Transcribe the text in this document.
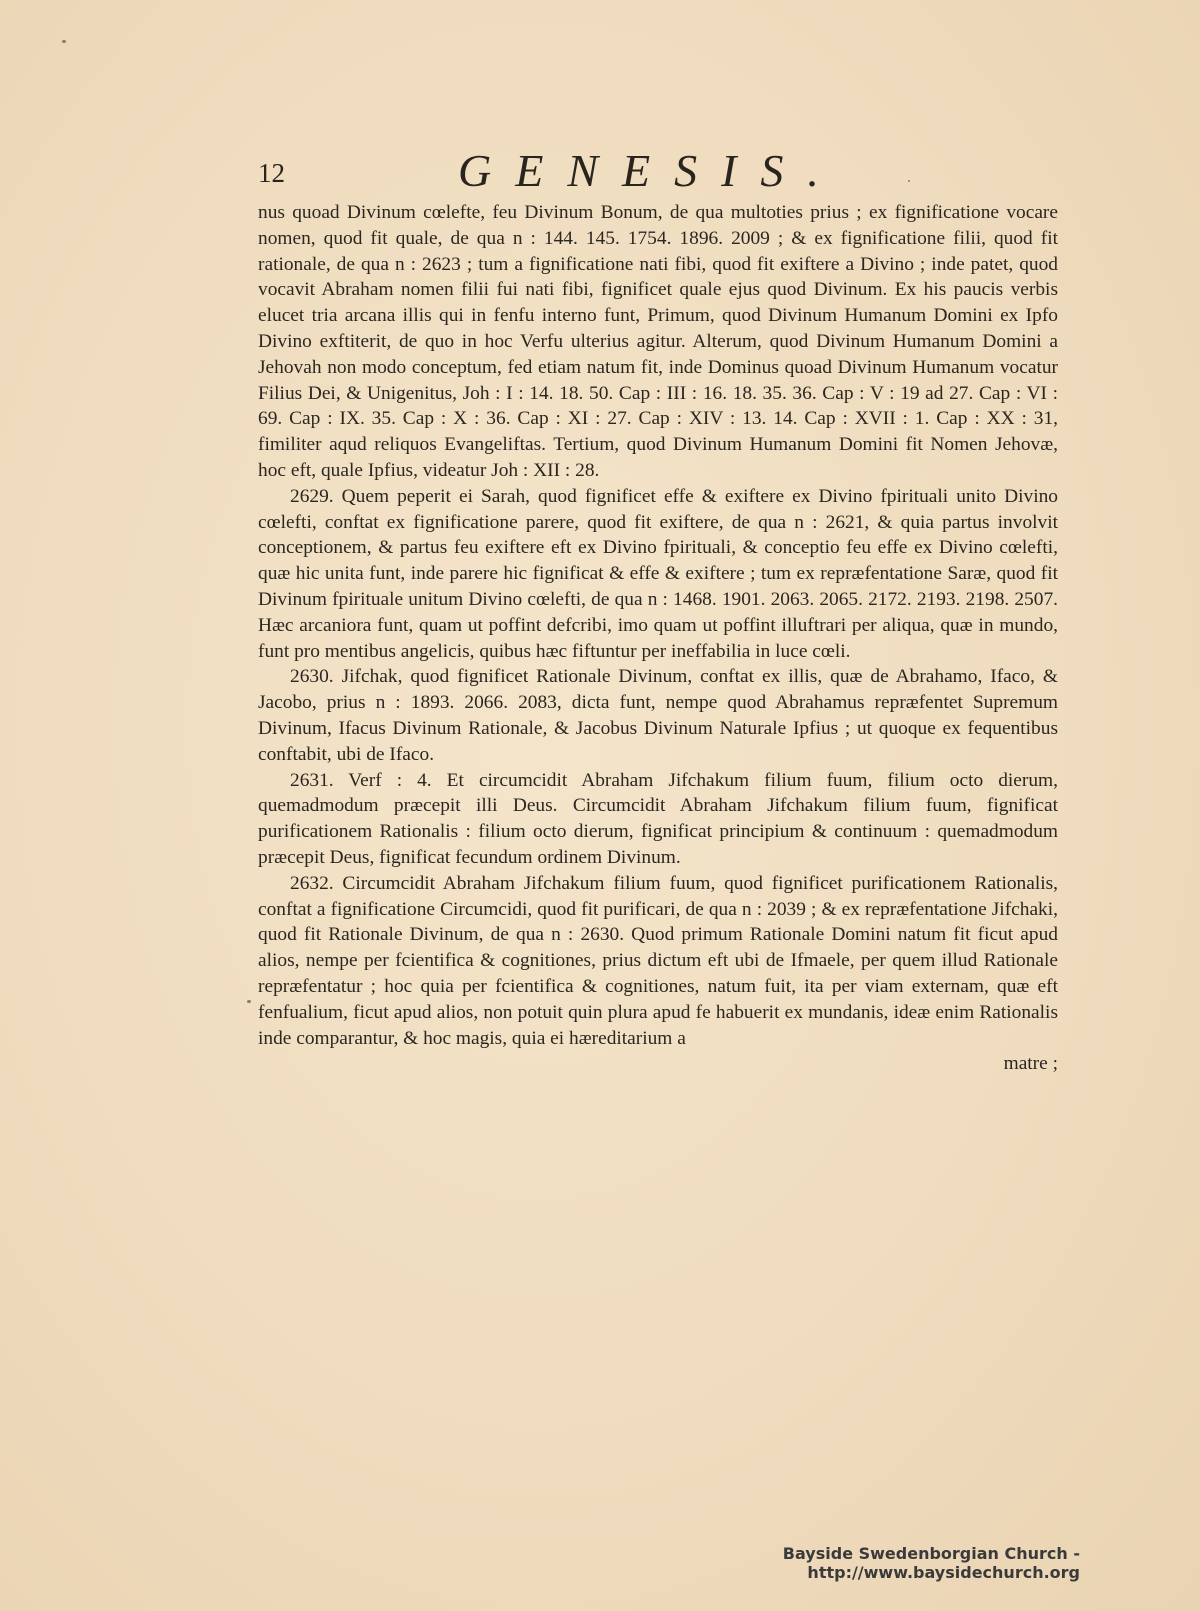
12	GENESIS.

nus quoad Divinum cœlefte, feu Divinum Bonum, de qua multoties prius ; ex fignificatione vocare nomen, quod fit quale, de qua n : 144. 145. 1754. 1896. 2009 ; & ex fignificatione filii, quod fit rationale, de qua n : 2623 ; tum a fignificatione nati fibi, quod fit exiftere a Divino ; inde patet, quod vocavit Abraham nomen filii fui nati fibi, fignificet quale ejus quod Divinum. Ex his paucis verbis elucet tria arcana illis qui in fenfu interno funt, Primum, quod Divinum Humanum Domini ex Ipfo Divino exftiterit, de quo in hoc Verfu ulterius agitur. Alterum, quod Divinum Humanum Domini a Jehovah non modo conceptum, fed etiam natum fit, inde Dominus quoad Divinum Humanum vocatur Filius Dei, & Unigenitus, Joh : I : 14. 18. 50. Cap : III : 16. 18. 35. 36. Cap : V : 19 ad 27. Cap : VI : 69. Cap : IX. 35. Cap : X : 36. Cap : XI : 27. Cap : XIV : 13. 14. Cap : XVII : 1. Cap : XX : 31, fimiliter aqud reliquos Evangeliftas. Tertium, quod Divinum Humanum Domini fit Nomen Jehovæ, hoc eft, quale Ipfius, videatur Joh : XII : 28.

2629. Quem peperit ei Sarah, quod fignificet effe & exiftere ex Divino fpirituali unito Divino cœlefti, conftat ex fignificatione parere, quod fit exiftere, de qua n : 2621, & quia partus involvit conceptionem, & partus feu exiftere eft ex Divino fpirituali, & conceptio feu effe ex Divino cœlefti, quæ hic unita funt, inde parere hic fignificat & effe & exiftere ; tum ex repræfentatione Saræ, quod fit Divinum fpirituale unitum Divino cœlefti, de qua n : 1468. 1901. 2063. 2065. 2172. 2193. 2198. 2507. Hæc arcaniora funt, quam ut poffint defcribi, imo quam ut poffint illuftrari per aliqua, quæ in mundo, funt pro mentibus angelicis, quibus hæc fiftuntur per ineffabilia in luce cœli.

2630. Jifchak, quod fignificet Rationale Divinum, conftat ex illis, quæ de Abrahamo, Ifaco, & Jacobo, prius n : 1893. 2066. 2083, dicta funt, nempe quod Abrahamus repræfentet Supremum Divinum, Ifacus Divinum Rationale, & Jacobus Divinum Naturale Ipfius ; ut quoque ex fequentibus conftabit, ubi de Ifaco.

2631. Verf : 4. Et circumcidit Abraham Jifchakum filium fuum, filium octo dierum, quemadmodum præcepit illi Deus. Circumcidit Abraham Jifchakum filium fuum, fignificat purificationem Rationalis : filium octo dierum, fignificat principium & continuum : quemadmodum præcepit Deus, fignificat fecundum ordinem Divinum.

2632. Circumcidit Abraham Jifchakum filium fuum, quod fignificet purificationem Rationalis, conftat a fignificatione Circumcidi, quod fit purificari, de qua n : 2039 ; & ex repræfentatione Jifchaki, quod fit Rationale Divinum, de qua n : 2630. Quod primum Rationale Domini natum fit ficut apud alios, nempe per fcientifica & cognitiones, prius dictum eft ubi de Ifmaele, per quem illud Rationale repræfentatur ; hoc quia per fcientifica & cognitiones, natum fuit, ita per viam externam, quæ eft fenfualium, ficut apud alios, non potuit quin plura apud fe habuerit ex mundanis, ideæ enim Rationalis inde comparantur, & hoc magis, quia ei hæreditarium a

matre ;

Bayside Swedenborgian Church - http://www.baysidechurch.org
